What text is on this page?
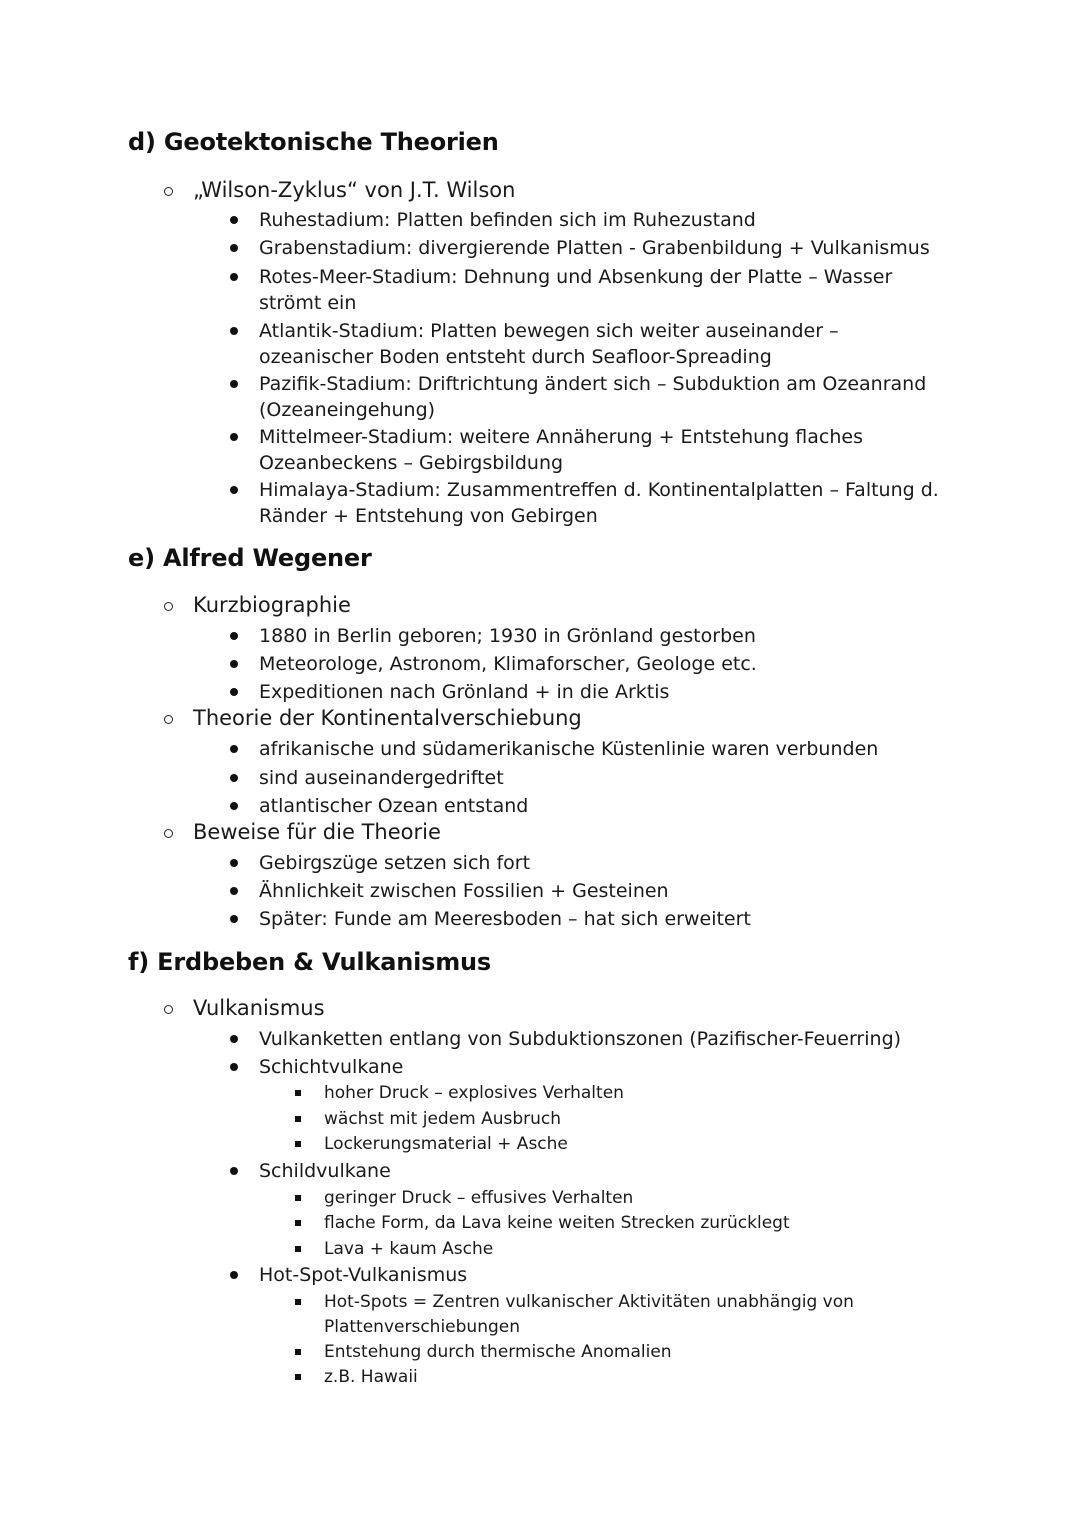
d) Geotektonische Theorien
„Wilson-Zyklus“ von J.T. Wilson
Ruhestadium: Platten befinden sich im Ruhezustand
Grabenstadium: divergierende Platten - Grabenbildung + Vulkanismus
Rotes-Meer-Stadium: Dehnung und Absenkung der Platte – Wasser strömt ein
Atlantik-Stadium: Platten bewegen sich weiter auseinander – ozeanischer Boden entsteht durch Seafloor-Spreading
Pazifik-Stadium: Driftrichtung ändert sich – Subduktion am Ozeanrand (Ozeaneingehung)
Mittelmeer-Stadium: weitere Annäherung + Entstehung flaches Ozeanbeckens – Gebirgsbildung
Himalaya-Stadium: Zusammentreffen d. Kontinentalplatten – Faltung d. Ränder + Entstehung von Gebirgen
e) Alfred Wegener
Kurzbiographie
1880 in Berlin geboren; 1930 in Grönland gestorben
Meteorologe, Astronom, Klimaforscher, Geologe etc.
Expeditionen nach Grönland + in die Arktis
Theorie der Kontinentalverschiebung
afrikanische und südamerikanische Küstenlinie waren verbunden
sind auseinandergedriftet
atlantischer Ozean entstand
Beweise für die Theorie
Gebirgszüge setzen sich fort
Ähnlichkeit zwischen Fossilien + Gesteinen
Später: Funde am Meeresboden – hat sich erweitert
f) Erdbeben & Vulkanismus
Vulkanismus
Vulkanketten entlang von Subduktionszonen (Pazifischer-Feuerring)
Schichtvulkane
hoher Druck – explosives Verhalten
wächst mit jedem Ausbruch
Lockerungsmaterial + Asche
Schildvulkane
geringer Druck – effusives Verhalten
flache Form, da Lava keine weiten Strecken zurücklegt
Lava + kaum Asche
Hot-Spot-Vulkanismus
Hot-Spots = Zentren vulkanischer Aktivitäten unabhängig von Plattenverschiebungen
Entstehung durch thermische Anomalien
z.B. Hawaii
